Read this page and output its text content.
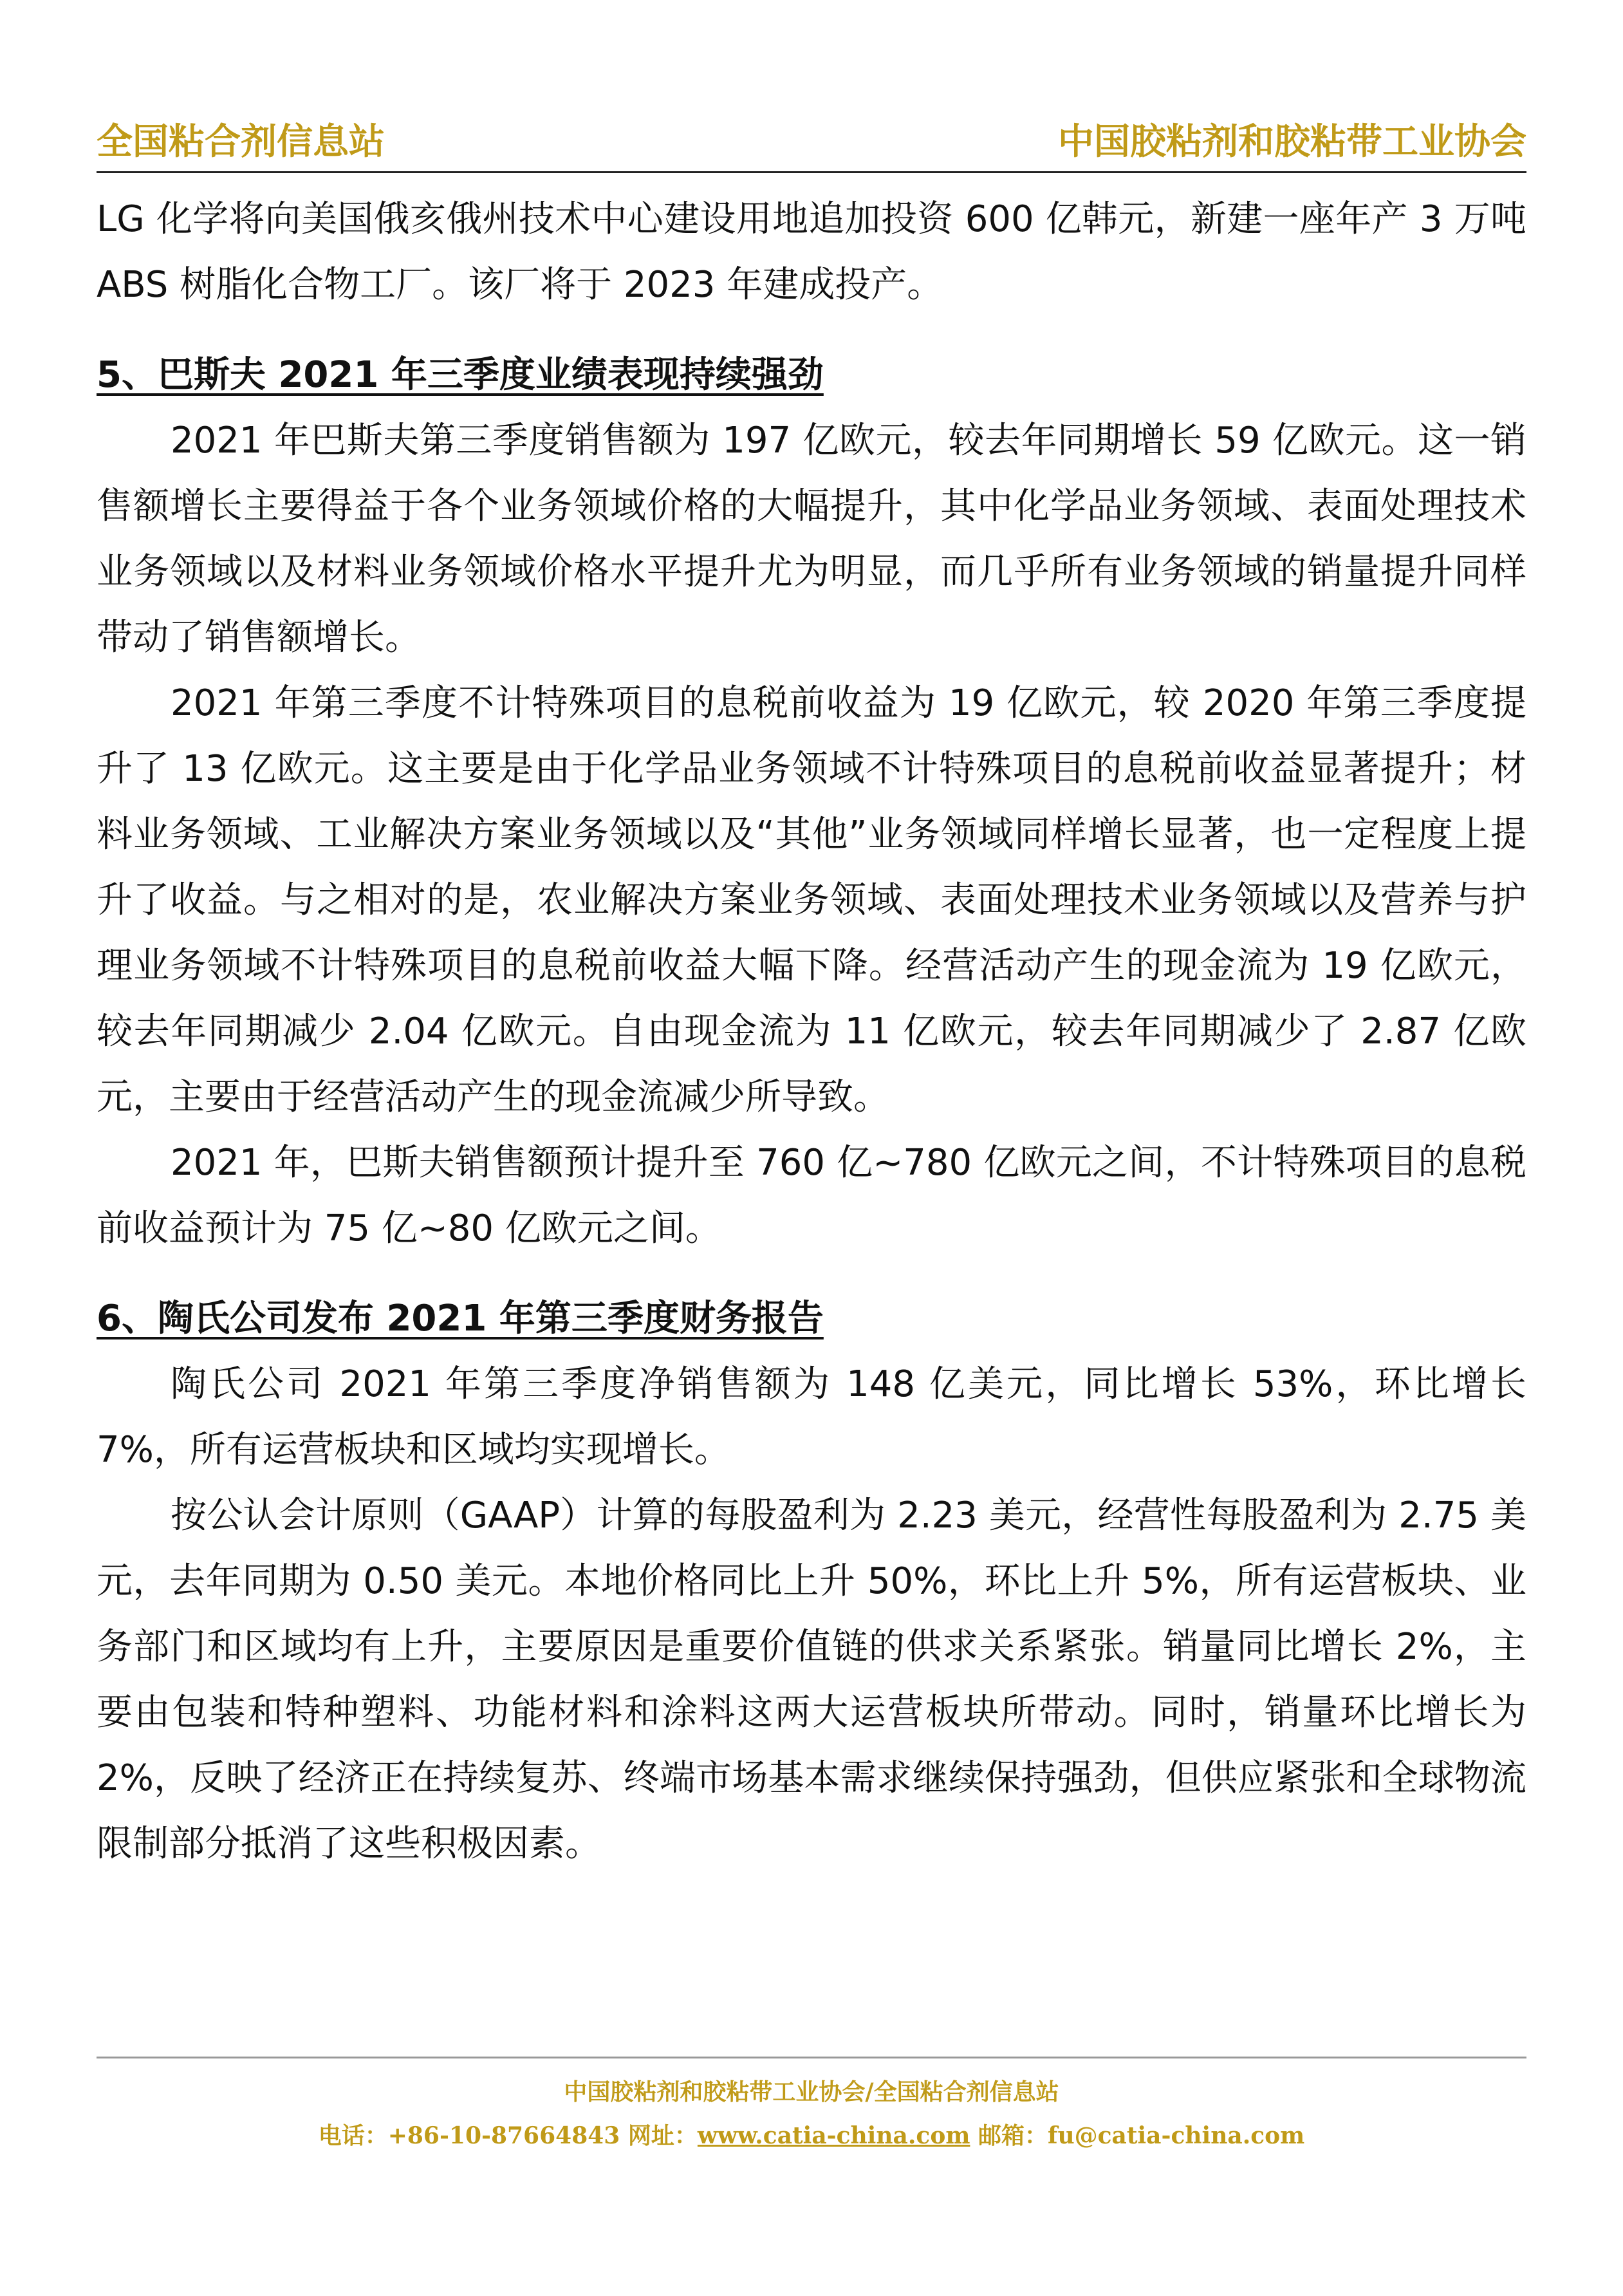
全国粘合剂信息站	中国胶粘剂和胶粘带工业协会

LG 化学将向美国俄亥俄州技术中心建设用地追加投资 600 亿韩元，新建一座年产 3 万吨 ABS 树脂化合物工厂。该厂将于 2023 年建成投产。

5、巴斯夫 2021 年三季度业绩表现持续强劲

2021 年巴斯夫第三季度销售额为 197 亿欧元，较去年同期增长 59 亿欧元。这一销售额增长主要得益于各个业务领域价格的大幅提升，其中化学品业务领域、表面处理技术业务领域以及材料业务领域价格水平提升尤为明显，而几乎所有业务领域的销量提升同样带动了销售额增长。

2021 年第三季度不计特殊项目的息税前收益为 19 亿欧元，较 2020 年第三季度提升了 13 亿欧元。这主要是由于化学品业务领域不计特殊项目的息税前收益显著提升；材料业务领域、工业解决方案业务领域以及“其他”业务领域同样增长显著，也一定程度上提升了收益。与之相对的是，农业解决方案业务领域、表面处理技术业务领域以及营养与护理业务领域不计特殊项目的息税前收益大幅下降。经营活动产生的现金流为 19 亿欧元，较去年同期减少 2.04 亿欧元。自由现金流为 11 亿欧元，较去年同期减少了 2.87 亿欧元，主要由于经营活动产生的现金流减少所导致。

2021 年，巴斯夫销售额预计提升至 760 亿~780 亿欧元之间，不计特殊项目的息税前收益预计为 75 亿~80 亿欧元之间。

6、陶氏公司发布 2021 年第三季度财务报告

陶氏公司 2021 年第三季度净销售额为 148 亿美元，同比增长 53%，环比增长 7%，所有运营板块和区域均实现增长。

按公认会计原则（GAAP）计算的每股盈利为 2.23 美元，经营性每股盈利为 2.75 美元，去年同期为 0.50 美元。本地价格同比上升 50%，环比上升 5%，所有运营板块、业务部门和区域均有上升，主要原因是重要价值链的供求关系紧张。销量同比增长 2%，主要由包装和特种塑料、功能材料和涂料这两大运营板块所带动。同时，销量环比增长为 2%，反映了经济正在持续复苏、终端市场基本需求继续保持强劲，但供应紧张和全球物流限制部分抵消了这些积极因素。

中国胶粘剂和胶粘带工业协会/全国粘合剂信息站
电话：+86-10-87664843 网址：www.catia-china.com 邮箱：fu@catia-china.com
